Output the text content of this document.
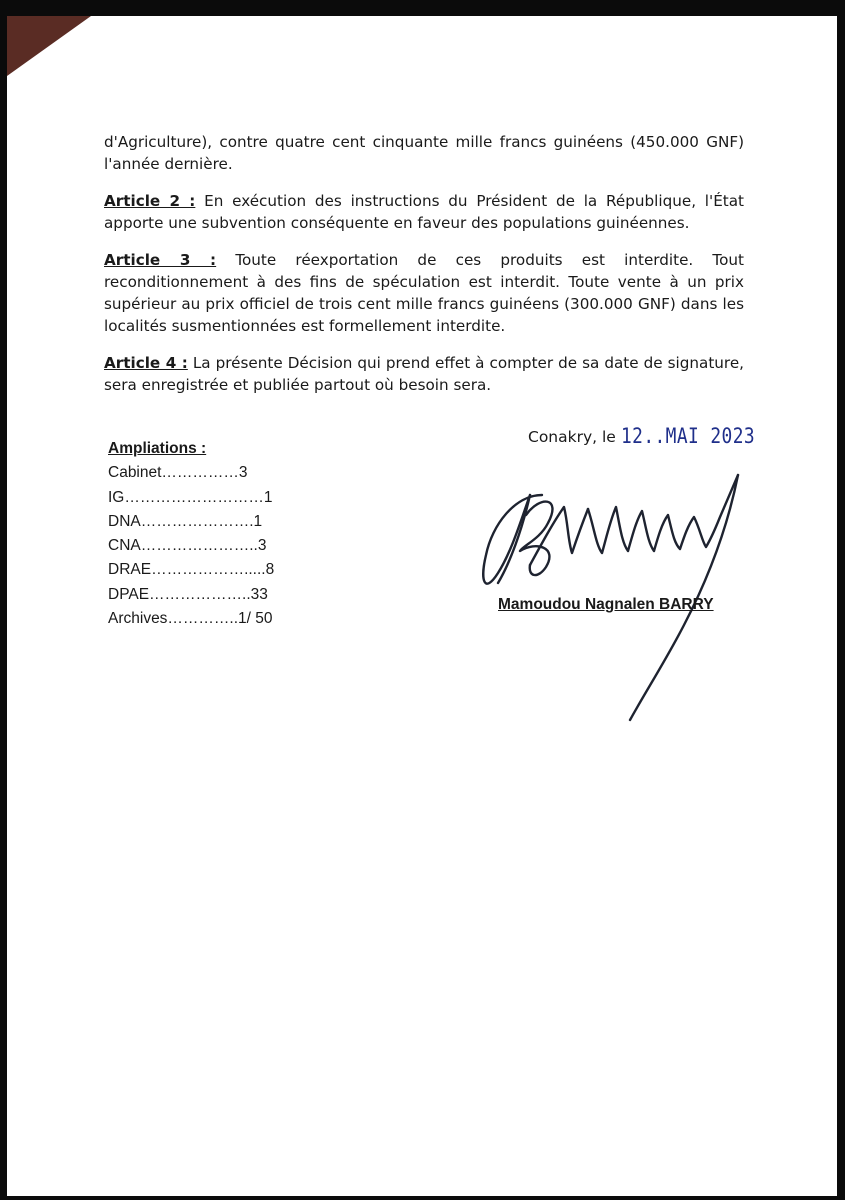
d'Agriculture), contre quatre cent cinquante mille francs guinéens (450.000 GNF) l'année dernière.

Article 2 : En exécution des instructions du Président de la République, l'État apporte une subvention conséquente en faveur des populations guinéennes.

Article 3 : Toute réexportation de ces produits est interdite. Tout reconditionnement à des fins de spéculation est interdit. Toute vente à un prix supérieur au prix officiel de trois cent mille francs guinéens (300.000 GNF) dans les localités susmentionnées est formellement interdite.

Article 4 : La présente Décision qui prend effet à compter de sa date de signature, sera enregistrée et publiée partout où besoin sera.

Ampliations :
Cabinet……………3
IG………………………1
DNA………………….1
CNA…………………..3
DRAE……………….....8
DPAE………………..33
Archives…………..1/ 50
Conakry, le 12..MAI 2023
Mamoudou Nagnalen BARRY
